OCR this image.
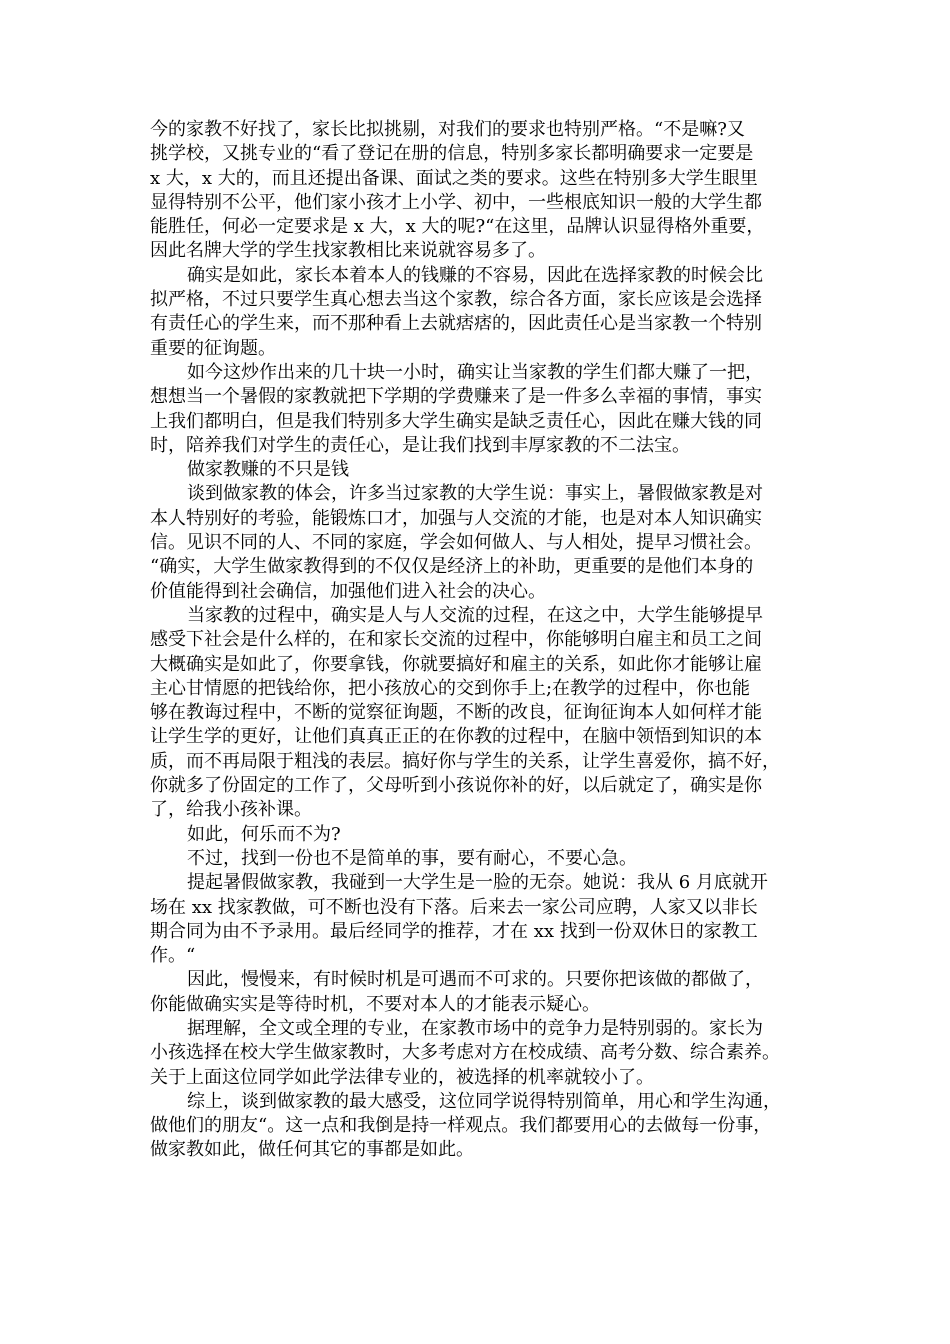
今的家教不好找了，家长比拟挑剔，对我们的要求也特别严格。“不是嘛?又
挑学校，又挑专业的“看了登记在册的信息，特别多家长都明确要求一定要是
x 大，x 大的，而且还提出备课、面试之类的要求。这些在特别多大学生眼里
显得特别不公平，他们家小孩才上小学、初中，一些根底知识一般的大学生都
能胜任，何必一定要求是 x 大，x 大的呢?“在这里，品牌认识显得格外重要，
因此名牌大学的学生找家教相比来说就容易多了。
确实是如此，家长本着本人的钱赚的不容易，因此在选择家教的时候会比
拟严格，不过只要学生真心想去当这个家教，综合各方面，家长应该是会选择
有责任心的学生来，而不那种看上去就痞痞的，因此责任心是当家教一个特别
重要的征询题。
如今这炒作出来的几十块一小时，确实让当家教的学生们都大赚了一把，
想想当一个暑假的家教就把下学期的学费赚来了是一件多么幸福的事情，事实
上我们都明白，但是我们特别多大学生确实是缺乏责任心，因此在赚大钱的同
时，陪养我们对学生的责任心，是让我们找到丰厚家教的不二法宝。
做家教赚的不只是钱
谈到做家教的体会，许多当过家教的大学生说：事实上，暑假做家教是对
本人特别好的考验，能锻炼口才，加强与人交流的才能，也是对本人知识确实
信。见识不同的人、不同的家庭，学会如何做人、与人相处，提早习惯社会。
“确实，大学生做家教得到的不仅仅是经济上的补助，更重要的是他们本身的
价值能得到社会确信，加强他们进入社会的决心。
当家教的过程中，确实是人与人交流的过程，在这之中，大学生能够提早
感受下社会是什么样的，在和家长交流的过程中，你能够明白雇主和员工之间
大概确实是如此了，你要拿钱，你就要搞好和雇主的关系，如此你才能够让雇
主心甘情愿的把钱给你，把小孩放心的交到你手上;在教学的过程中，你也能
够在教诲过程中，不断的觉察征询题，不断的改良，征询征询本人如何样才能
让学生学的更好，让他们真真正正的在你教的过程中，在脑中领悟到知识的本
质，而不再局限于粗浅的表层。搞好你与学生的关系，让学生喜爱你，搞不好，
你就多了份固定的工作了，父母听到小孩说你补的好，以后就定了，确实是你
了，给我小孩补课。
如此，何乐而不为?
不过，找到一份也不是简单的事，要有耐心，不要心急。
提起暑假做家教，我碰到一大学生是一脸的无奈。她说：我从 6 月底就开
场在 xx 找家教做，可不断也没有下落。后来去一家公司应聘，人家又以非长
期合同为由不予录用。最后经同学的推荐，才在 xx 找到一份双休日的家教工
作。“
因此，慢慢来，有时候时机是可遇而不可求的。只要你把该做的都做了，
你能做确实实是等待时机，不要对本人的才能表示疑心。
据理解，全文或全理的专业，在家教市场中的竞争力是特别弱的。家长为
小孩选择在校大学生做家教时，大多考虑对方在校成绩、高考分数、综合素养。
关于上面这位同学如此学法律专业的，被选择的机率就较小了。
综上，谈到做家教的最大感受，这位同学说得特别简单，用心和学生沟通，
做他们的朋友“。这一点和我倒是持一样观点。我们都要用心的去做每一份事，
做家教如此，做任何其它的事都是如此。
